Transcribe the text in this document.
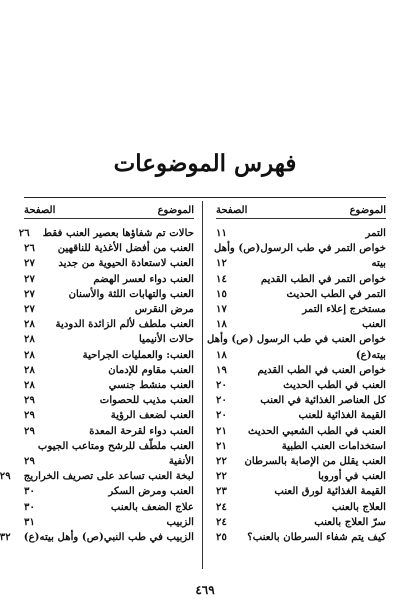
فهرس الموضوعات
الموضوع
الصفحة
التمر
١١
خواص التمر في طب الرسول(ص) وأهل
بيته
١٢
خواص التمر في الطب القديم
١٤
التمر في الطب الحديث
١٥
مستخرج إعلاء التمر
١٧
العنب
١٨
خواص العنب في طب الرسول (ص) وأهل
بيته(ع)
١٨
خواص العنب في الطب القديم
١٩
العنب في الطب الحديث
٢٠
كل العناصر الغذائية في العنب
٢٠
القيمة الغذائية للعنب
٢٠
العنب في الطب الشعبي الحديث
٢١
استخدامات العنب الطبية
٢١
العنب يقلل من الإصابة بالسرطان
٢٢
العنب في أوروبا
٢٢
القيمة الغذائية لورق العنب
٢٣
العلاج بالعنب
٢٤
سرّ العلاج بالعنب
٢٤
كيف يتم شفاء السرطان بالعنب؟
٢٥
الموضوع
الصفحة
حالات تم شفاؤها بعصير العنب فقط
٢٦
العنب من أفضل الأغذية للناقهين
٢٦
العنب لاستعادة الحيوية من جديد
٢٧
العنب دواء لعسر الهضم
٢٧
العنب والتهابات اللثة والأسنان
٢٧
مرض النقرس
٢٧
العنب ملطف لألم الزائدة الدودية
٢٨
حالات الأنيميا
٢٨
العنب: والعمليات الجراحية
٢٨
العنب مقاوم للإدمان
٢٨
العنب منشط جنسي
٢٨
العنب مذيب للحصوات
٢٩
العنب لضعف الرؤية
٢٩
العنب دواء لقرحة المعدة
٢٩
العنب ملطّف للرشح ومتاعب الجيوب
الأنفية
٢٩
لبخة العنب تساعد على تصريف الخراريج
٢٩
العنب ومرض السكر
٣٠
علاج الضعف بالعنب
٣٠
الزبيب
٣١
الزبيب في طب النبي(ص) وأهل بيته(ع)
٣٢
٤٦٩
